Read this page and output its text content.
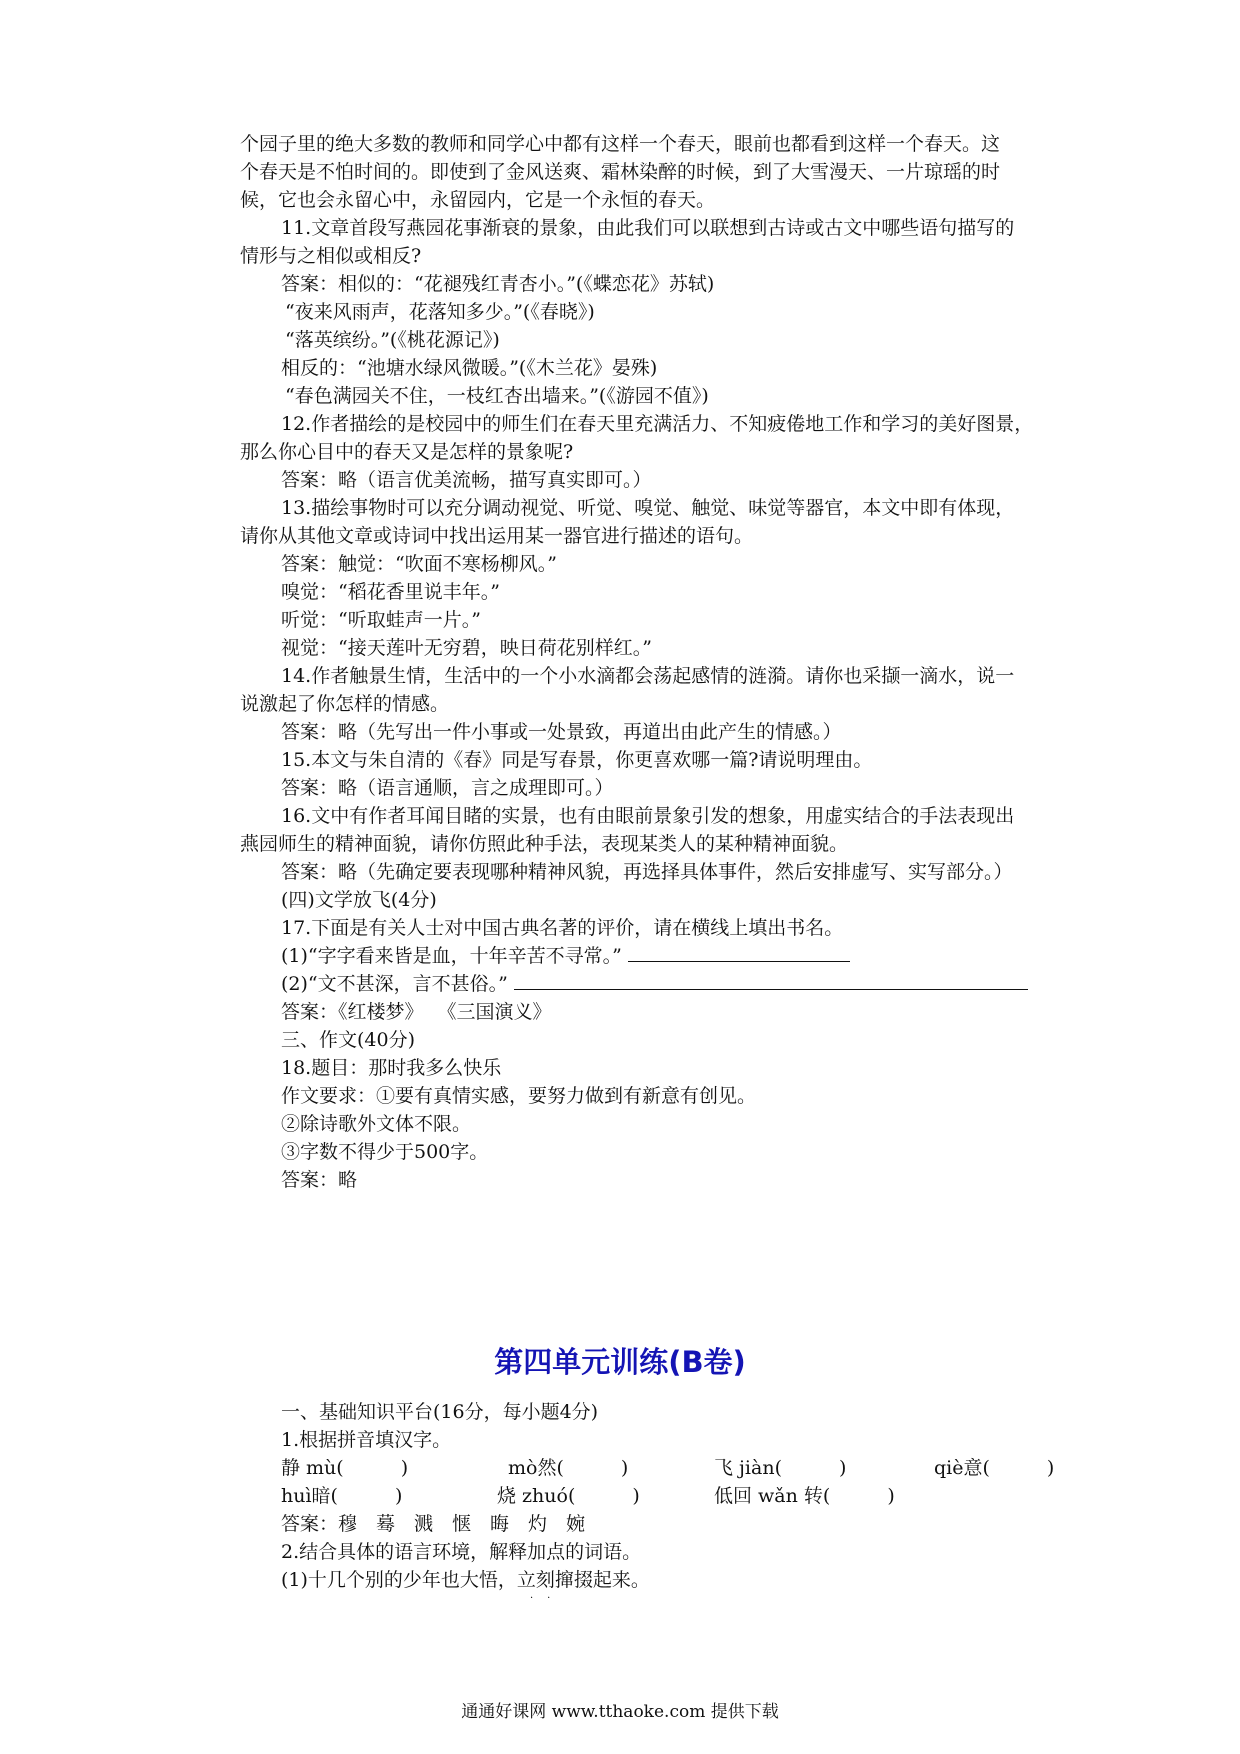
个园子里的绝大多数的教师和同学心中都有这样一个春天，眼前也都看到这样一个春天。这

个春天是不怕时间的。即使到了金风送爽、霜林染醉的时候，到了大雪漫天、一片琼瑶的时

候，它也会永留心中，永留园内，它是一个永恒的春天。

11.文章首段写燕园花事渐衰的景象，由此我们可以联想到古诗或古文中哪些语句描写的

情形与之相似或相反?

答案：相似的：“花褪残红青杏小。”(《蝶恋花》苏轼)

“夜来风雨声，花落知多少。”(《春晓》)

“落英缤纷。”(《桃花源记》)

相反的：“池塘水绿风微暖。”(《木兰花》晏殊)

“春色满园关不住，一枝红杏出墙来。”(《游园不值》)

12.作者描绘的是校园中的师生们在春天里充满活力、不知疲倦地工作和学习的美好图景，

那么你心目中的春天又是怎样的景象呢?

答案：略（语言优美流畅，描写真实即可。）

13.描绘事物时可以充分调动视觉、听觉、嗅觉、触觉、味觉等器官，本文中即有体现，

请你从其他文章或诗词中找出运用某一器官进行描述的语句。

答案：触觉：“吹面不寒杨柳风。”

嗅觉：“稻花香里说丰年。”

听觉：“听取蛙声一片。”

视觉：“接天莲叶无穷碧，映日荷花别样红。”

14.作者触景生情，生活中的一个小水滴都会荡起感情的涟漪。请你也采撷一滴水，说一

说激起了你怎样的情感。

答案：略（先写出一件小事或一处景致，再道出由此产生的情感。）

15.本文与朱自清的《春》同是写春景，你更喜欢哪一篇?请说明理由。

答案：略（语言通顺，言之成理即可。）

16.文中有作者耳闻目睹的实景，也有由眼前景象引发的想象，用虚实结合的手法表现出

燕园师生的精神面貌，请你仿照此种手法，表现某类人的某种精神面貌。

答案：略（先确定要表现哪种精神风貌，再选择具体事件，然后安排虚写、实写部分。）

(四)文学放飞(4分)

17.下面是有关人士对中国古典名著的评价，请在横线上填出书名。

(1)“字字看来皆是血，十年辛苦不寻常。”

(2)“文不甚深，言不甚俗。”

答案：《红楼梦》 《三国演义》

三、作文(40分)

18.题目：那时我多么快乐

作文要求：①要有真情实感，要努力做到有新意有创见。

②除诗歌外文体不限。

③字数不得少于500字。

答案：略

第四单元训练(B卷)

一、基础知识平台(16分，每小题4分)

1.根据拼音填汉字。

静 mù(　　　)	mò然(　　　)	飞 jiàn(　　　)	qiè意(　　　)
huì暗(　　　)	烧 zhuó(　　　)	低回 wǎn 转(　　　)

答案：穆　蓦　溅　惬　晦　灼　婉

2.结合具体的语言环境，解释加点的词语。

(1)十几个别的少年也大悟，立刻撺掇起来。

··
通通好课网 www.tthaoke.com 提供下载
